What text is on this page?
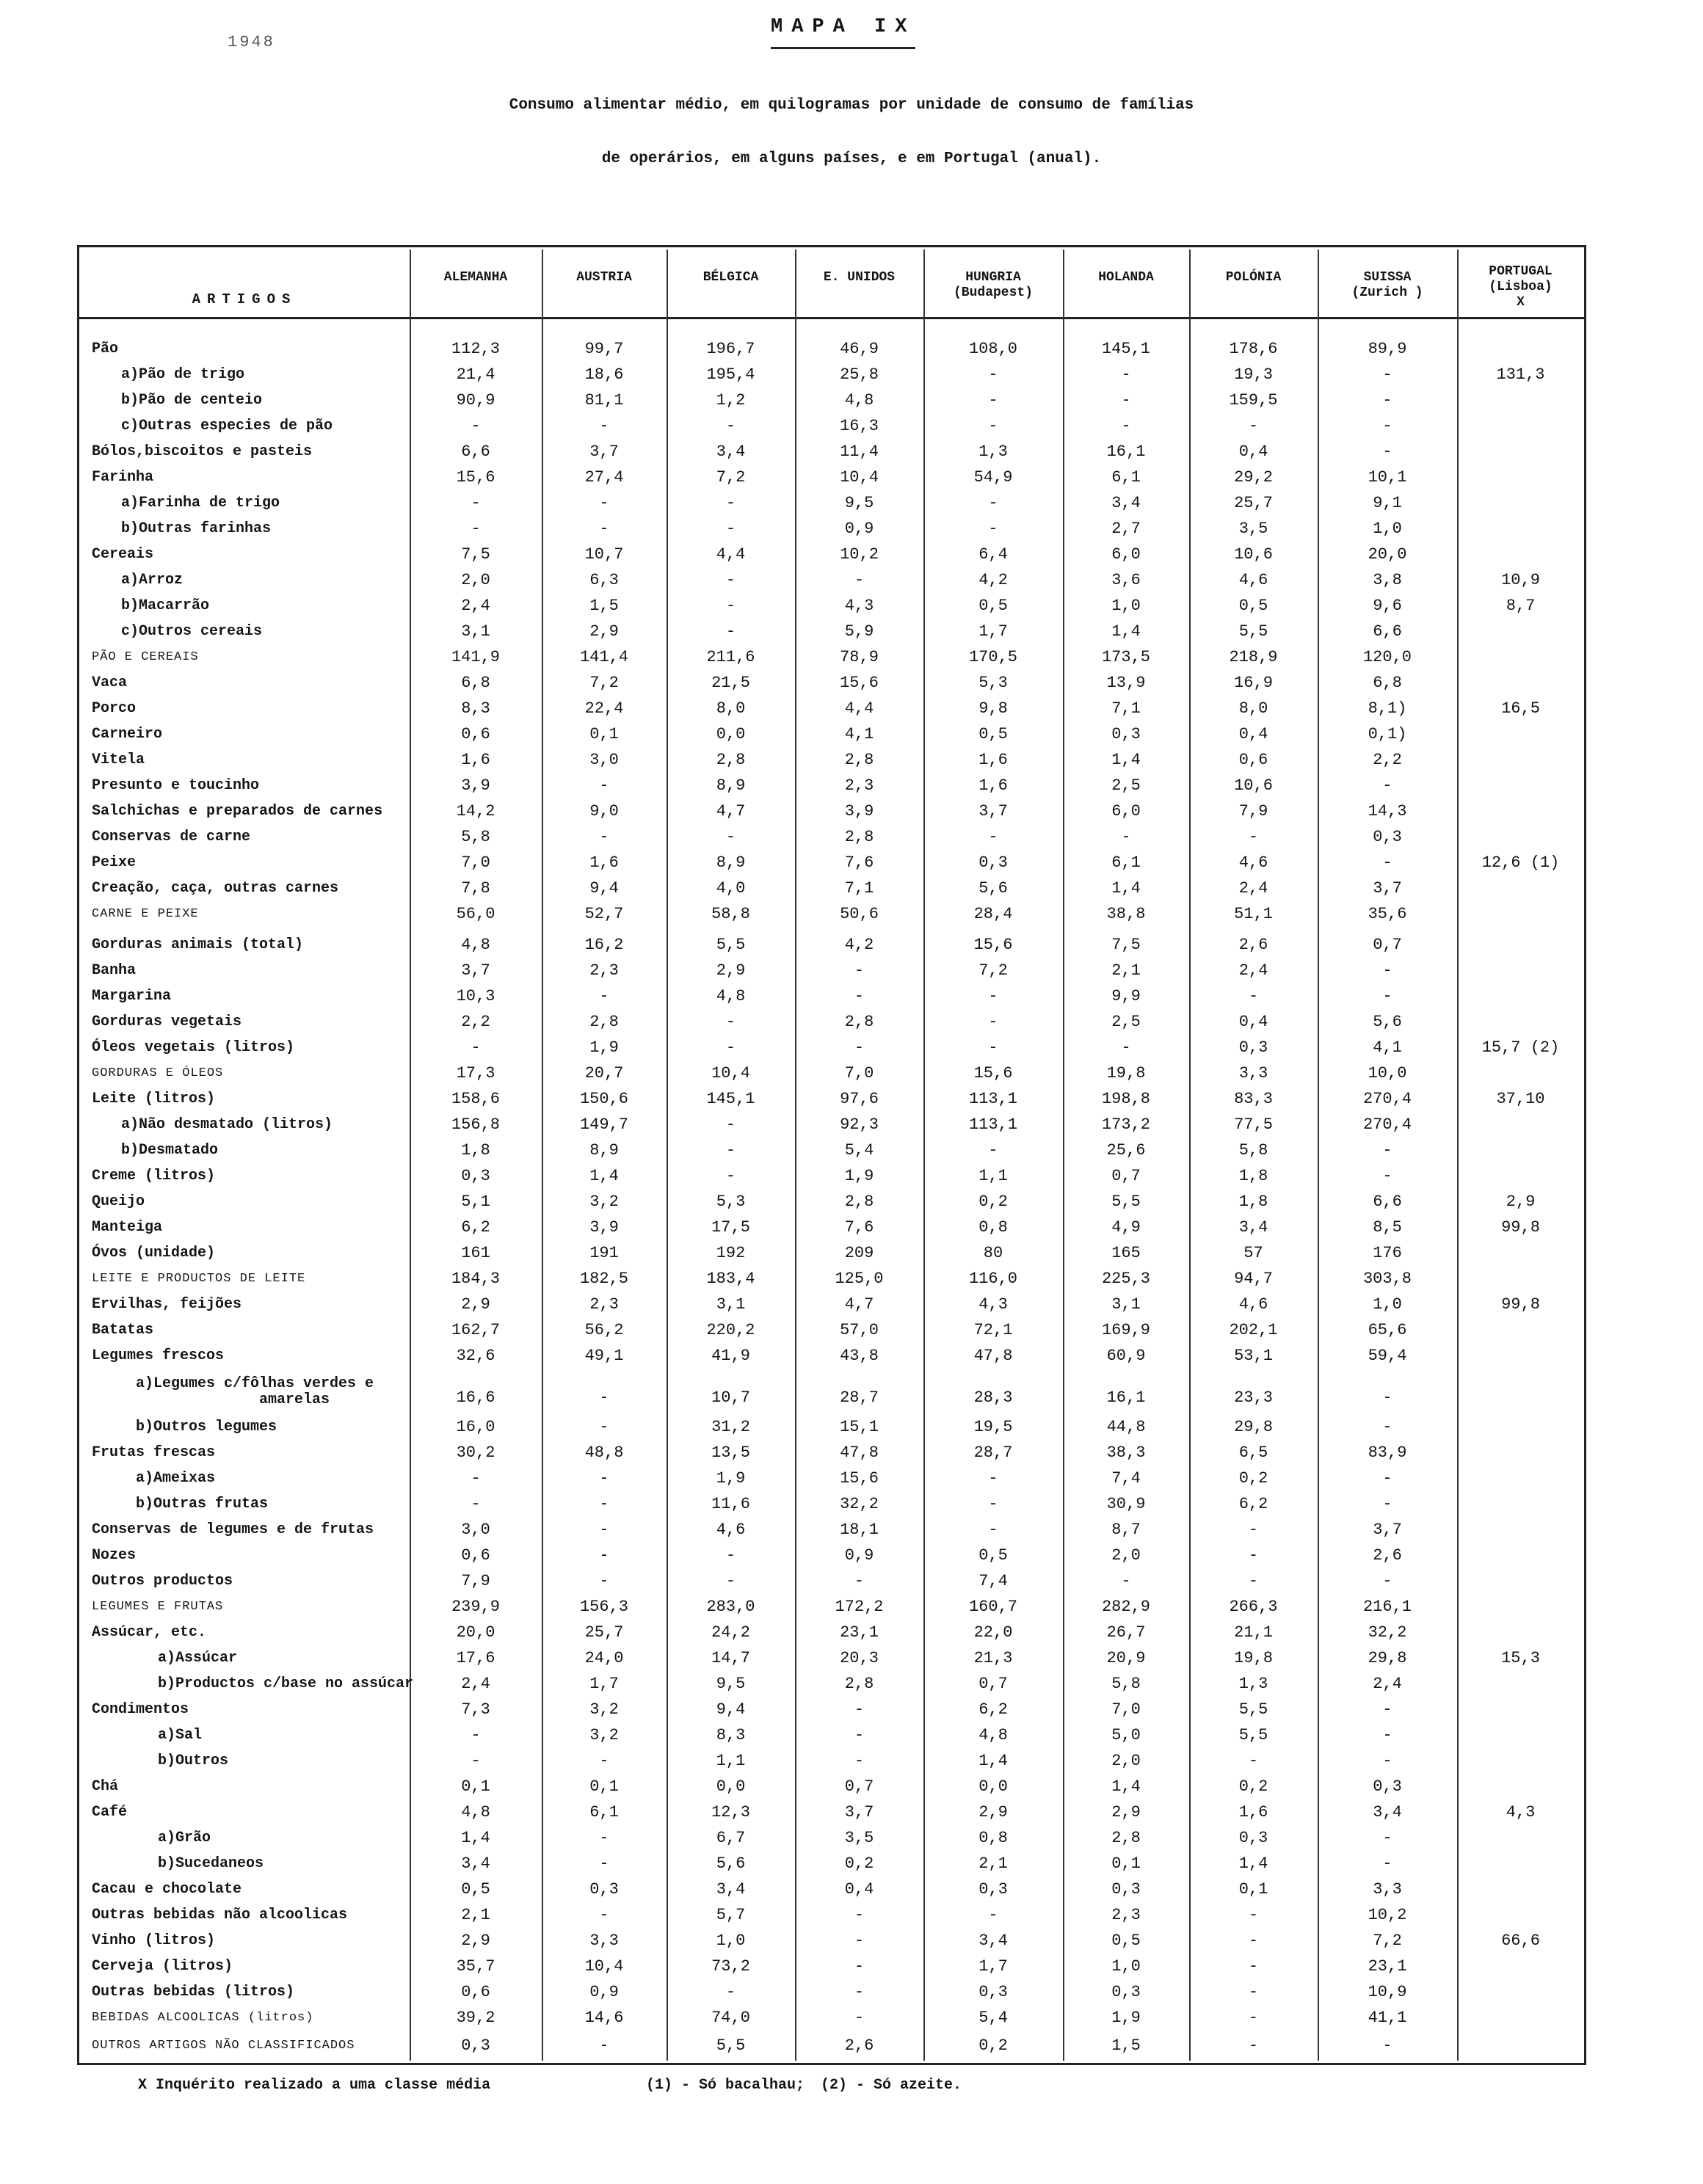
1948
MAPA IX
Consumo alimentar médio, em quilogramas por unidade de consumo de famílias
de operários, em alguns países, e em Portugal (anual).
ARTIGOS
ALEMANHA	AUSTRIA	BÉLGICA	E. UNIDOS	HUNGRIA
(Budapest)
HOLANDA	POLÓNIA	SUISSA
(Zurich )
PORTUGAL
(Lisboa)
X
Pão	112,3	99,7	196,7	46,9	108,0	145,1	178,6	89,9
a)Pão de trigo	21,4	18,6	195,4	25,8	-	-	19,3	-	131,3
b)Pão de centeio	90,9	81,1	1,2	4,8	-	-	159,5	-
c)Outras especies de pão	-	-	-	16,3	-	-	-	-
Bólos,biscoitos e pasteis	6,6	3,7	3,4	11,4	1,3	16,1	0,4	-
Farinha	15,6	27,4	7,2	10,4	54,9	6,1	29,2	10,1
a)Farinha de trigo	-	-	-	9,5	-	3,4	25,7	9,1
b)Outras farinhas	-	-	-	0,9	-	2,7	3,5	1,0
Cereais	7,5	10,7	4,4	10,2	6,4	6,0	10,6	20,0
a)Arroz	2,0	6,3	-	-	4,2	3,6	4,6	3,8	10,9
b)Macarrão	2,4	1,5	-	4,3	0,5	1,0	0,5	9,6	8,7
c)Outros cereais	3,1	2,9	-	5,9	1,7	1,4	5,5	6,6
PÃO E CEREAIS	141,9	141,4	211,6	78,9	170,5	173,5	218,9	120,0
Vaca	6,8	7,2	21,5	15,6	5,3	13,9	16,9	6,8
Porco	8,3	22,4	8,0	4,4	9,8	7,1	8,0	8,1)	16,5
Carneiro	0,6	0,1	0,0	4,1	0,5	0,3	0,4	0,1)
Vitela	1,6	3,0	2,8	2,8	1,6	1,4	0,6	2,2
Presunto e toucinho	3,9	-	8,9	2,3	1,6	2,5	10,6	-
Salchichas e preparados de carnes	14,2	9,0	4,7	3,9	3,7	6,0	7,9	14,3
Conservas de carne	5,8	-	-	2,8	-	-	-	0,3
Peixe	7,0	1,6	8,9	7,6	0,3	6,1	4,6	-	12,6 (1)
Creação, caça, outras carnes	7,8	9,4	4,0	7,1	5,6	1,4	2,4	3,7
CARNE E PEIXE	56,0	52,7	58,8	50,6	28,4	38,8	51,1	35,6
Gorduras animais (total)	4,8	16,2	5,5	4,2	15,6	7,5	2,6	0,7
Banha	3,7	2,3	2,9	-	7,2	2,1	2,4	-
Margarina	10,3	-	4,8	-	-	9,9	-	-
Gorduras vegetais	2,2	2,8	-	2,8	-	2,5	0,4	5,6
Óleos vegetais (litros)	-	1,9	-	-	-	-	0,3	4,1	15,7 (2)
GORDURAS E ÓLEOS	17,3	20,7	10,4	7,0	15,6	19,8	3,3	10,0
Leite (litros)	158,6	150,6	145,1	97,6	113,1	198,8	83,3	270,4	37,10
a)Não desmatado (litros)	156,8	149,7	-	92,3	113,1	173,2	77,5	270,4
b)Desmatado	1,8	8,9	-	5,4	-	25,6	5,8	-
Creme (litros)	0,3	1,4	-	1,9	1,1	0,7	1,8	-
Queijo	5,1	3,2	5,3	2,8	0,2	5,5	1,8	6,6	2,9
Manteiga	6,2	3,9	17,5	7,6	0,8	4,9	3,4	8,5	99,8
Óvos (unidade)	161	191	192	209	80	165	57	176
LEITE E PRODUCTOS DE LEITE	184,3	182,5	183,4	125,0	116,0	225,3	94,7	303,8
Ervilhas, feijões	2,9	2,3	3,1	4,7	4,3	3,1	4,6	1,0	99,8
Batatas	162,7	56,2	220,2	57,0	72,1	169,9	202,1	65,6
Legumes frescos	32,6	49,1	41,9	43,8	47,8	60,9	53,1	59,4
a)Legumes c/fôlhas verdes e
amarelas	16,6	-	10,7	28,7	28,3	16,1	23,3	-
b)Outros legumes	16,0	-	31,2	15,1	19,5	44,8	29,8	-
Frutas frescas	30,2	48,8	13,5	47,8	28,7	38,3	6,5	83,9
a)Ameixas	-	-	1,9	15,6	-	7,4	0,2	-
b)Outras frutas	-	-	11,6	32,2	-	30,9	6,2	-
Conservas de legumes e de frutas	3,0	-	4,6	18,1	-	8,7	-	3,7
Nozes	0,6	-	-	0,9	0,5	2,0	-	2,6
Outros productos	7,9	-	-	-	7,4	-	-	-
LEGUMES E FRUTAS	239,9	156,3	283,0	172,2	160,7	282,9	266,3	216,1
Assúcar, etc.	20,0	25,7	24,2	23,1	22,0	26,7	21,1	32,2
a)Assúcar	17,6	24,0	14,7	20,3	21,3	20,9	19,8	29,8	15,3
b)Productos c/base no assúcar	2,4	1,7	9,5	2,8	0,7	5,8	1,3	2,4
Condimentos	7,3	3,2	9,4	-	6,2	7,0	5,5	-
a)Sal	-	3,2	8,3	-	4,8	5,0	5,5	-
b)Outros	-	-	1,1	-	1,4	2,0	-	-
Chá	0,1	0,1	0,0	0,7	0,0	1,4	0,2	0,3
Café	4,8	6,1	12,3	3,7	2,9	2,9	1,6	3,4	4,3
a)Grão	1,4	-	6,7	3,5	0,8	2,8	0,3	-
b)Sucedaneos	3,4	-	5,6	0,2	2,1	0,1	1,4	-
Cacau e chocolate	0,5	0,3	3,4	0,4	0,3	0,3	0,1	3,3
Outras bebidas não alcoolicas	2,1	-	5,7	-	-	2,3	-	10,2
Vinho (litros)	2,9	3,3	1,0	-	3,4	0,5	-	7,2	66,6
Cerveja (litros)	35,7	10,4	73,2	-	1,7	1,0	-	23,1
Outras bebidas (litros)	0,6	0,9	-	-	0,3	0,3	-	10,9
BEBIDAS ALCOOLICAS (litros)	39,2	14,6	74,0	-	5,4	1,9	-	41,1
OUTROS ARTIGOS NÃO CLASSIFICADOS	0,3	-	5,5	2,6	0,2	1,5	-	-
X Inquérito realizado a uma classe média	(1) - Só bacalhau; (2) - Só azeite.
